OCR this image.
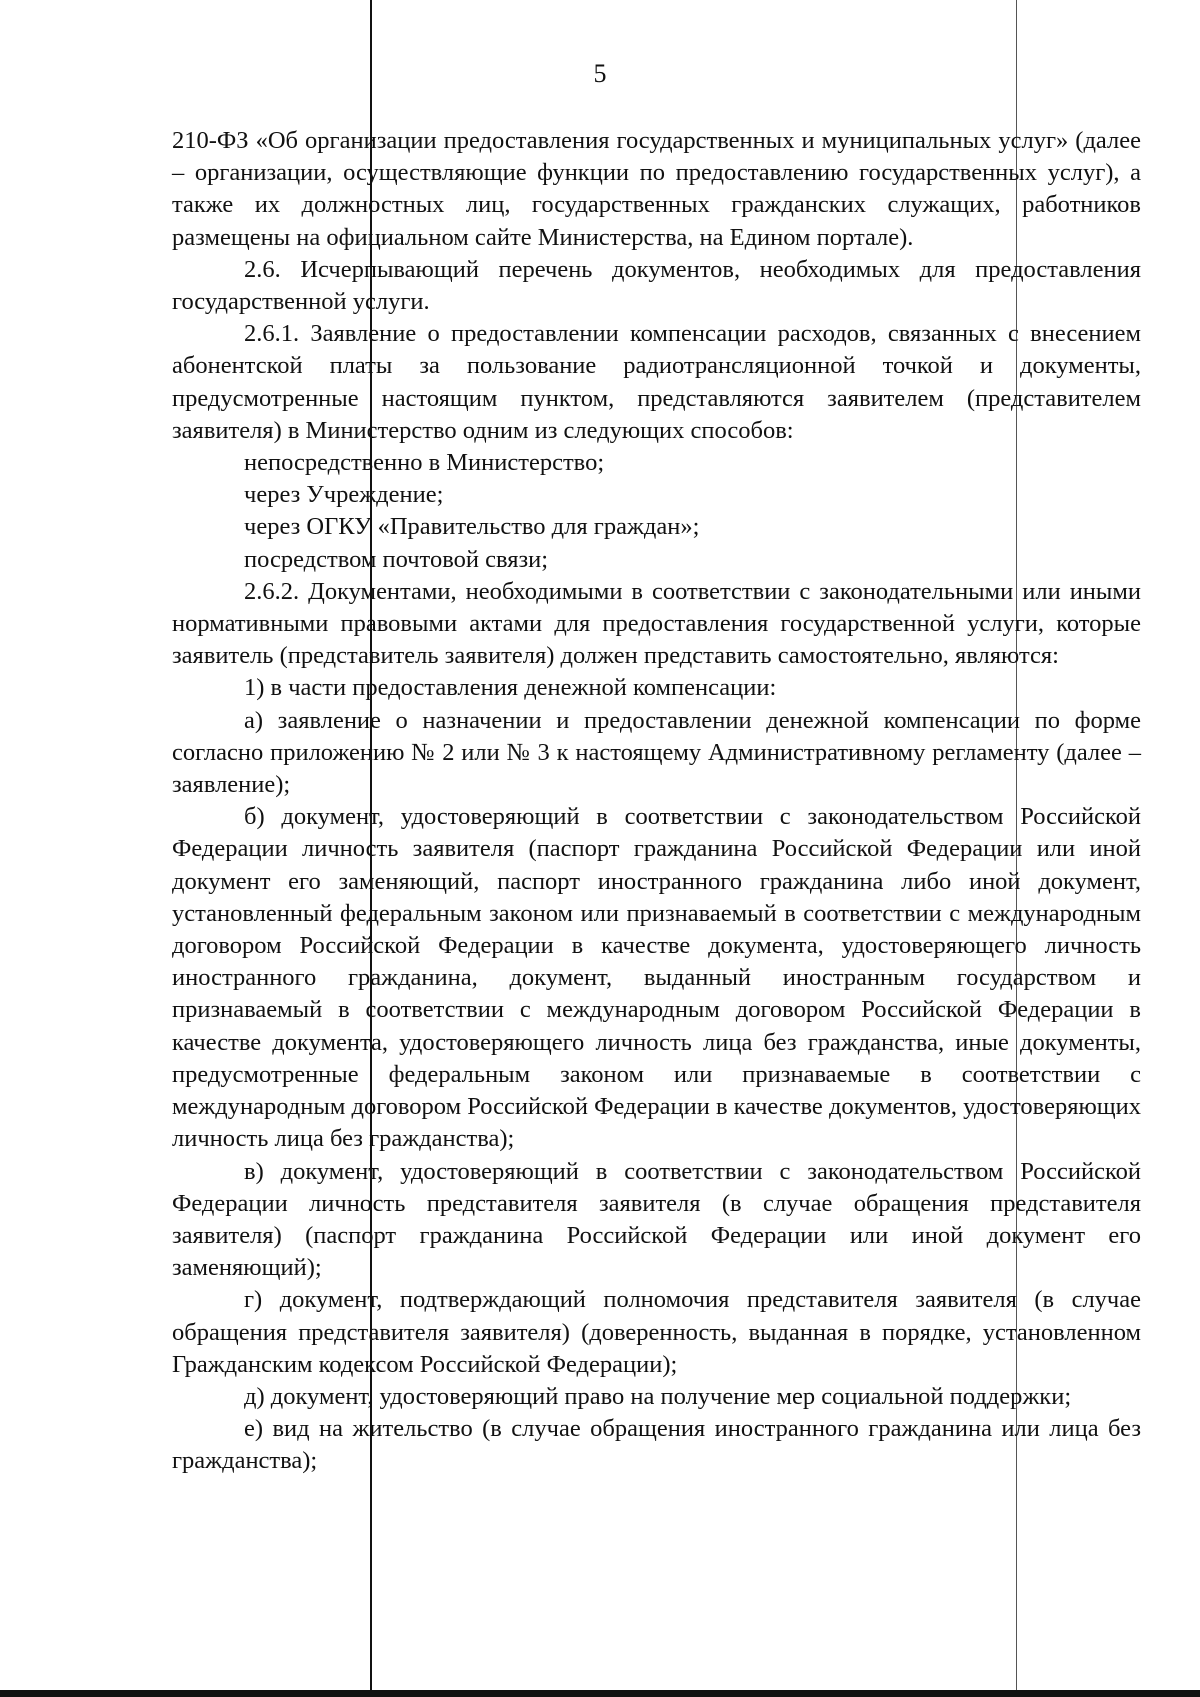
5

210-ФЗ «Об организации предоставления государственных и муниципальных услуг» (далее – организации, осуществляющие функции по предоставлению государственных услуг), а также их должностных лиц, государственных гражданских служащих, работников размещены на официальном сайте Министерства, на Едином портале).

2.6. Исчерпывающий перечень документов, необходимых для предоставления государственной услуги.

2.6.1. Заявление о предоставлении компенсации расходов, связанных с внесением абонентской платы за пользование радиотрансляционной точкой и документы, предусмотренные настоящим пунктом, представляются заявителем (представителем заявителя) в Министерство одним из следующих способов:

непосредственно в Министерство;

через Учреждение;

через ОГКУ «Правительство для граждан»;

посредством почтовой связи;

2.6.2. Документами, необходимыми в соответствии с законодательными или иными нормативными правовыми актами для предоставления государственной услуги, которые заявитель (представитель заявителя) должен представить самостоятельно, являются:

1) в части предоставления денежной компенсации:

а) заявление о назначении и предоставлении денежной компенсации по форме согласно приложению № 2 или № 3 к настоящему Административному регламенту (далее – заявление);

б) документ, удостоверяющий в соответствии с законодательством Российской Федерации личность заявителя (паспорт гражданина Российской Федерации или иной документ его заменяющий, паспорт иностранного гражданина либо иной документ, установленный федеральным законом или признаваемый в соответствии с международным договором Российской Федерации в качестве документа, удостоверяющего личность иностранного гражданина, документ, выданный иностранным государством и признаваемый в соответствии с международным договором Российской Федерации в качестве документа, удостоверяющего личность лица без гражданства, иные документы, предусмотренные федеральным законом или признаваемые в соответствии с международным договором Российской Федерации в качестве документов, удостоверяющих личность лица без гражданства);

в) документ, удостоверяющий в соответствии с законодательством Российской Федерации личность представителя заявителя (в случае обращения представителя заявителя) (паспорт гражданина Российской Федерации или иной документ его заменяющий);

г) документ, подтверждающий полномочия представителя заявителя (в случае обращения представителя заявителя) (доверенность, выданная в порядке, установленном Гражданским кодексом Российской Федерации);

д) документ, удостоверяющий право на получение мер социальной поддержки;

е) вид на жительство (в случае обращения иностранного гражданина или лица без гражданства);
